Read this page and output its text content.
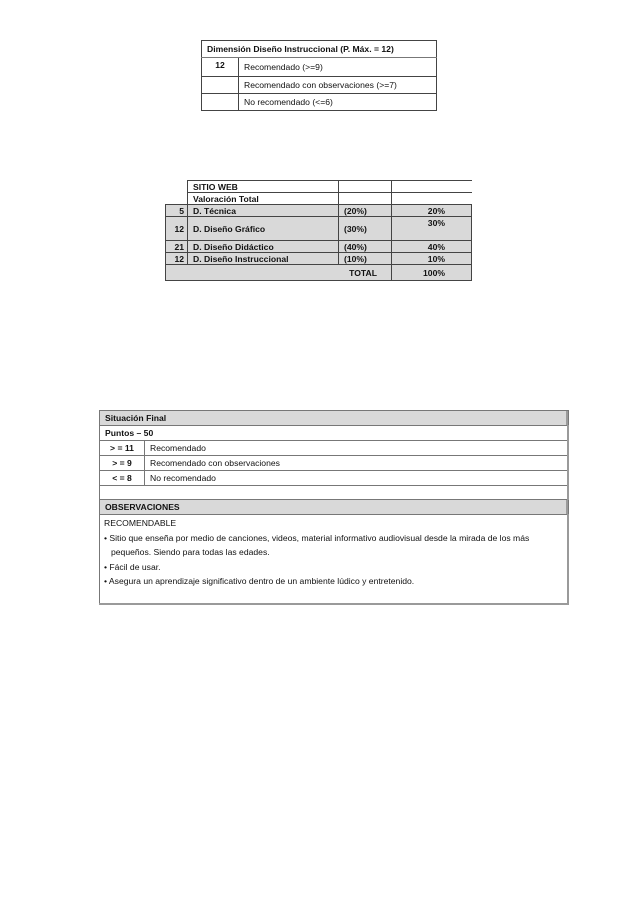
Dimensión Diseño Instruccional (P. Máx. = 12)	
12	Recomendado (>=9)
	Recomendado con observaciones (>=7)
	No recomendado (<=6)
	SITIO WEB		
	Valoración Total		
5	D. Técnica	(20%)	20%
12	D. Diseño Gráfico	(30%)	30%
21	D. Diseño Didáctico	(40%)	40%
12	D. Diseño Instruccional	(10%)	10%
TOTAL			100%
Situación Final	
Puntos – 50	
> = 11	Recomendado
> = 9	Recomendado con observaciones
< = 8	No recomendado

OBSERVACIONES	

RECOMENDABLE
• Sitio que enseña por medio de canciones, videos, material informativo audiovisual desde la mirada de los más pequeños. Siendo para todas las edades.
• Fácil de usar.
• Asegura un aprendizaje significativo dentro de un ambiente lúdico y entretenido.	
